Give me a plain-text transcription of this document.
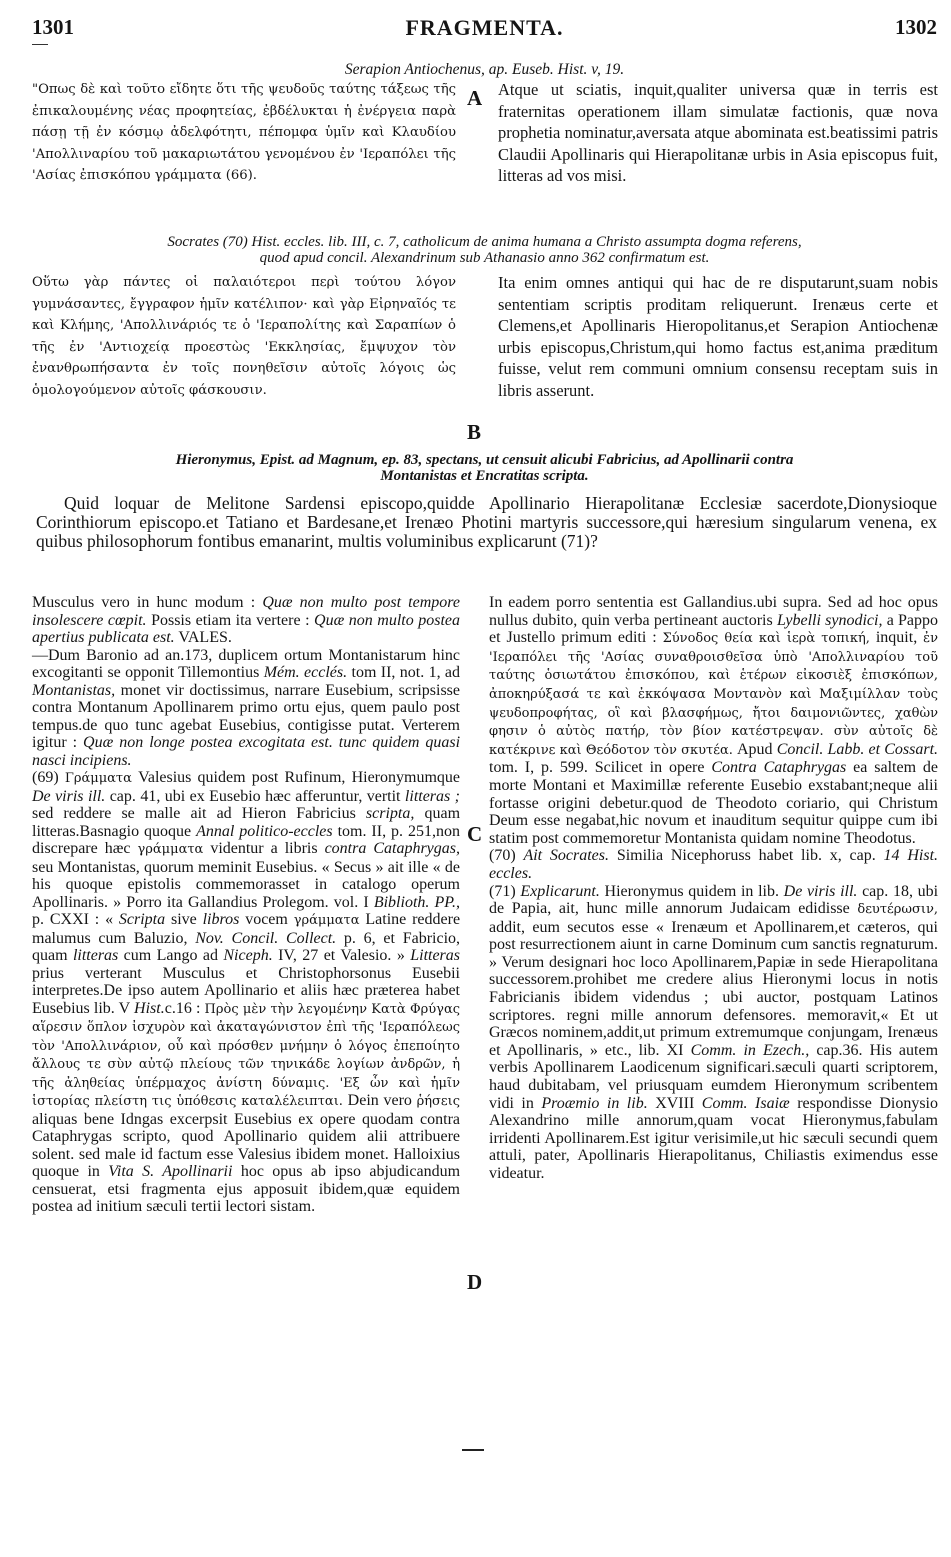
1301	FRAGMENTA.	1302
Serapion Antiochenus, ap. Euseb. Hist. v, 19.
"Οπως δὲ καὶ τοῦτο εἴδητε ὅτι τῆς ψευδοῦς ταύτης τάξεως τῆς ἐπικαλουμένης νέας προφητείας, ἐβδέλυκται ἡ ἐνέργεια παρὰ πάσῃ τῇ ἐν κόσμῳ ἀδελφότητι, πέπομφα ὑμῖν καὶ Κλαυδίου 'Απολλιναρίου τοῦ μακαριωτάτου γενομένου ἐν 'Ιεραπόλει τῆς 'Ασίας ἐπισκόπου γράμματα (66).
A Atque ut sciatis, inquit,qualiter universa quæ in terris est fraternitas operationem illam simulatæ factionis, quæ nova prophetia nominatur,aversata atque abominata est.beatissimi patris Claudii Apollinaris qui Hierapolitanæ urbis in Asia episcopus fuit, litteras ad vos misi.
Socrates (70) Hist. eccles. lib. III, c. 7, catholicum de anima humana a Christo assumpta dogma referens,
quod apud concil. Alexandrinum sub Athanasio anno 362 confirmatum est.
Οὕτω γὰρ πάντες οἱ παλαιότεροι περὶ τούτου λόγον γυμνάσαντες, ἔγγραφον ἡμῖν κατέλιπον· καὶ γὰρ Εἰρηναῖός τε καὶ Κλήμης, 'Απολλινάριός τε ὁ 'Ιεραπολίτης καὶ Σαραπίων ὁ τῆς ἐν 'Αντιοχείᾳ προεστὼς 'Εκκλησίας, ἔμψυχον τὸν ἐνανθρωπήσαντα ἐν τοῖς πονηθεῖσιν αὐτοῖς λόγοις ὡς ὁμολογούμενον αὐτοῖς φάσκουσιν.
B
Ita enim omnes antiqui qui hac de re disputarunt,suam nobis sententiam scriptis proditam reliquerunt. Irenæus certe et Clemens,et Apollinaris Hieropolitanus,et Serapion Antiochenæ urbis episcopus,Christum,qui homo factus est,anima præditum fuisse, velut rem communi omnium consensu receptam suis in libris asserunt.
Hieronymus, Epist. ad Magnum, ep. 83, spectans, ut censuit alicubi Fabricius, ad Apollinarii contra
Montanistas et Encratitas scripta.
Quid loquar de Melitone Sardensi episcopo,quidde Apollinario Hierapolitanæ Ecclesiæ sacerdote,Dionysioque Corinthiorum episcopo.et Tatiano et Bardesane,et Irenæo Photini martyris successore,qui hæresium singularum venena, ex quibus philosophorum fontibus emanarint, multis voluminibus explicarunt (71)?
Musculus vero in hunc modum : Quæ non multo post tempore insolescere cœpit. Possis etiam ita vertere : Quæ non multo postea apertius publicata est. VALES.
—Dum Baronio ad an.173, duplicem ortum Montanistarum hinc excogitanti se opponit Tillemontius Mém. ecclés. tom II, not. 1, ad Montanistas, monet vir doctissimus, narrare Eusebium, scripsisse contra Montanum Apollinarem primo ortu ejus, quem paulo post tempus.de quo tunc agebat Eusebius, contigisse putat. Verterem igitur : Quæ non longe postea excogitata est. tunc quidem quasi nasci incipiens.
(69) Γράμματα Valesius quidem post Rufinum, Hieronymumque De viris ill. cap. 41, ubi ex Eusebio hæc afferuntur, vertit litteras ; sed reddere se malle ait ad Hieron Fabricius scripta, quam litteras.Basnagio quoque Annal politico-eccles tom. II, p. 251,non discrepare hæc γράμματα videntur a libris contra Cataphrygas, seu Montanistas, quorum meminit Eusebius. « Secus » ait ille « de his quoque epistolis commemorasset in catalogo operum Apollinaris. » Porro ita Gallandius Prolegom. vol. I Biblioth. PP., p. CXXI : « Scripta sive libros vocem γράμματα Latine reddere malumus cum Baluzio, Nov. Concil. Collect. p. 6, et Fabricio, quam litteras cum Lango ad Niceph. IV, 27 et Valesio. » Litteras prius verterant Musculus et Christophorsonus Eusebii interpretes.De ipso autem Apollinario et aliis hæc præterea habet Eusebius lib. V Hist.c.16 : Πρὸς μὲν τὴν λεγομένην Κατὰ Φρύγας αἵρεσιν ὅπλον ἰσχυρὸν καὶ ἀκαταγώνιστον ἐπὶ τῆς 'Ιεραπόλεως τὸν 'Απολλινάριον, οὗ καὶ πρόσθεν μνήμην ὁ λόγος ἐπεποίητο ἄλλους τε σὺν αὐτῷ πλείους τῶν τηνικάδε λογίων ἀνδρῶν, ἡ τῆς ἀληθείας ὑπέρμαχος ἀνίστη δύναμις. 'Εξ ὧν καὶ ἡμῖν ἱστορίας πλείστη τις ὑπόθεσις καταλέλειπται. Dein vero ῥήσεις aliquas bene Idngas excerpsit Eusebius ex opere quodam contra Cataphrygas scripto, quod Apollinario quidem alii attribuere solent. sed male id factum esse Valesius ibidem monet. Halloixius quoque in Vita S. Apollinarii hoc opus ab ipso abjudicandum censuerat, etsi fragmenta ejus apposuit ibidem,quæ equidem postea ad initium sæculi tertii lectori sistam.
C
D
In eadem porro sententia est Gallandius.ubi supra. Sed ad hoc opus nullus dubito, quin verba pertineant auctoris Lybelli synodici, a Pappo et Justello primum editi : Σύνοδος θεία καὶ ἱερὰ τοπική, inquit, ἐν 'Ιεραπόλει τῆς 'Ασίας συναθροισθεῖσα ὑπὸ 'Απολλιναρίου τοῦ ταύτης ὁσιωτάτου ἐπισκόπου, καὶ ἑτέρων εἰκοσιὲξ ἐπισκόπων, ἀποκηρύξασά τε καὶ ἐκκόψασα Μοντανὸν καὶ Μαξιμίλλαν τοὺς ψευδοπροφήτας, οἳ καὶ βλασφήμως, ἤτοι δαιμονιῶντες, χαθὼν φησιν ὁ αὐτὸς πατήρ, τὸν βίον κατέστρεψαν. σὺν αὐτοῖς δὲ κατέκρινε καὶ Θεόδοτον τὸν σκυτέα. Apud Concil. Labb. et Cossart. tom. I, p. 599. Scilicet in opere Contra Cataphrygas ea saltem de morte Montani et Maximillæ referente Eusebio exstabant;neque alii fortasse origini debetur.quod de Theodoto coriario, qui Christum Deum esse negabat,hic novum et inauditum sequitur quippe cum ibi statim post commemoretur Montanista quidam nomine Theodotus.
(70) Ait Socrates. Similia Nicephoruss habet lib. x, cap. 14 Hist. eccles.
(71) Explicarunt. Hieronymus quidem in lib. De viris ill. cap. 18, ubi de Papia, ait, hunc mille annorum Judaicam edidisse δευτέρωσιν, addit, eum secutos esse « Irenæum et Apollinarem,et cæteros, qui post resurrectionem aiunt in carne Dominum cum sanctis regnaturum. » Verum designari hoc loco Apollinarem,Papiæ in sede Hierapolitana successorem.prohibet me credere alius Hieronymi locus in notis Fabricianis ibidem videndus ; ubi auctor, postquam Latinos scriptores. regni mille annorum defensores. memoravit,« Et ut Græcos nominem,addit,ut primum extremumque conjungam, Irenæus et Apollinaris, » etc., lib. XI Comm. in Ezech., cap.36. His autem verbis Apollinarem Laodicenum significari.sæculi quarti scriptorem, haud dubitabam, vel priusquam eumdem Hieronymum scribentem vidi in Proæmio in lib. XVIII Comm. Isaiæ respondisse Dionysio Alexandrino mille annorum,quam vocat Hieronymus,fabulam irridenti Apollinarem.Est igitur verisimile,ut hic sæculi secundi quem attuli, pater, Apollinaris Hierapolitanus, Chiliastis eximendus esse videatur.
